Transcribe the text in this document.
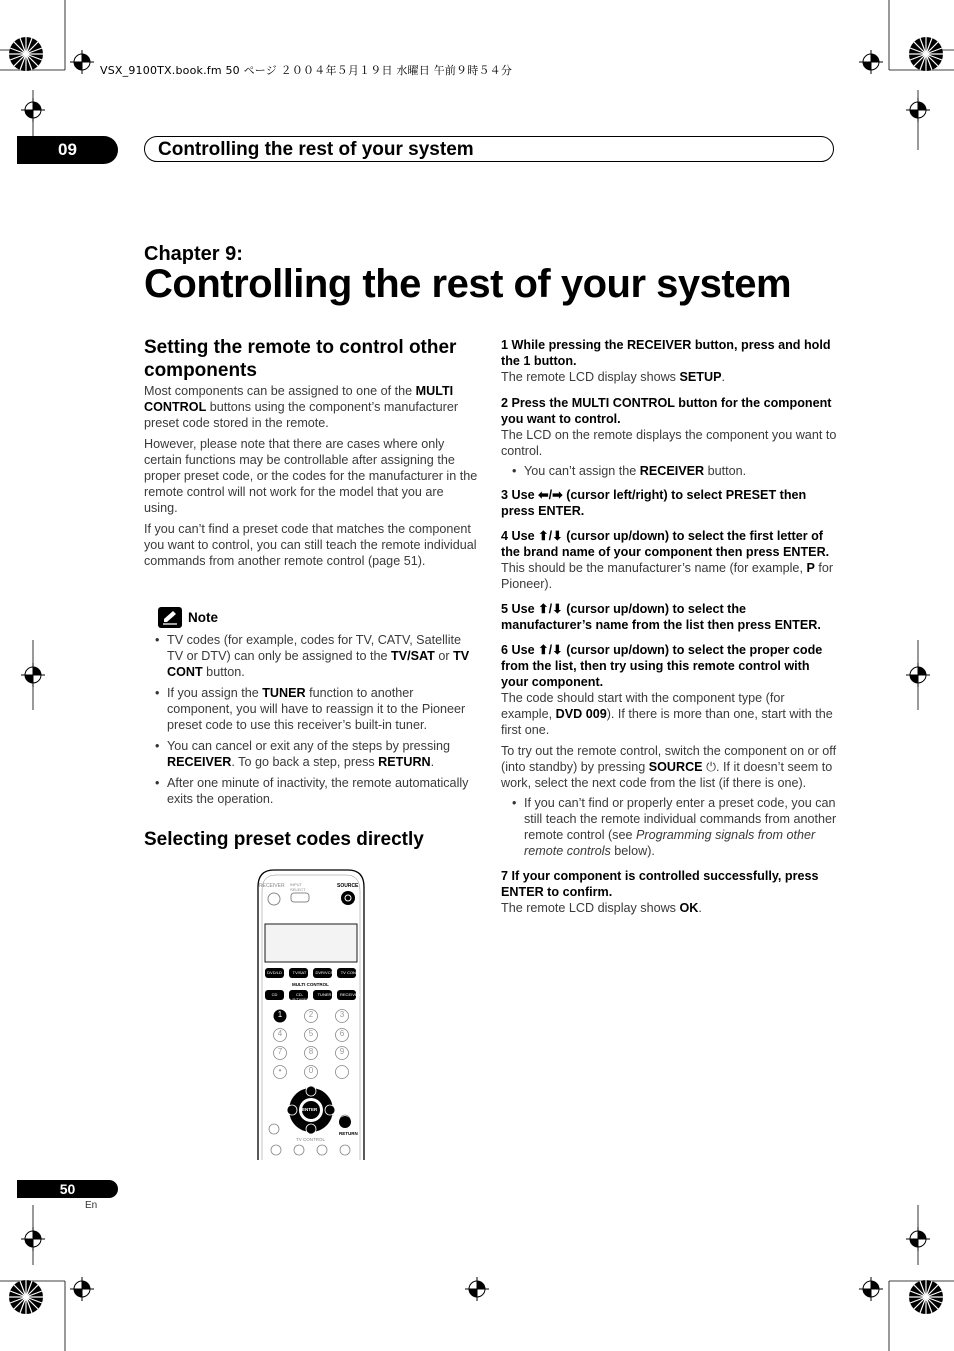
VSX_9100TX.book.fm 50 ページ ２００４年５月１９日 水曜日 午前９時５４分
09	Controlling the rest of your system
Chapter 9:
Controlling the rest of your system
Setting the remote to control other components
Most components can be assigned to one of the MULTI CONTROL buttons using the component’s manufacturer preset code stored in the remote.
However, please note that there are cases where only certain functions may be controllable after assigning the proper preset code, or the codes for the manufacturer in the remote control will not work for the model that you are using.
If you can’t find a preset code that matches the component you want to control, you can still teach the remote individual commands from another remote control (page 51).
Note
• TV codes (for example, codes for TV, CATV, Satellite TV or DTV) can only be assigned to the TV/SAT or TV CONT button.
• If you assign the TUNER function to another component, you will have to reassign it to the Pioneer preset code to use this receiver’s built-in tuner.
• You can cancel or exit any of the steps by pressing RECEIVER. To go back a step, press RETURN.
• After one minute of inactivity, the remote automatically exits the operation.
Selecting preset codes directly
RECEIVER INPUT SELECT
SOURCE
DVD/LD	TV/SAT	DVR/VCR TV CONT
MULTI CONTROL
CD	CD-R/TAPE
TUNER	RECEIVER
1	2	3
4	5	6
7	8	9
•	0
ENTER
RETURN
TV CONTROL
1 While pressing the RECEIVER button, press and hold the 1 button.
The remote LCD display shows SETUP.
2 Press the MULTI CONTROL button for the component you want to control.
The LCD on the remote displays the component you want to control.
• You can’t assign the RECEIVER button.
3 Use ⬅/➡ (cursor left/right) to select PRESET then press ENTER.
4 Use ⬆/⬇ (cursor up/down) to select the first letter of the brand name of your component then press ENTER.
This should be the manufacturer’s name (for example, P for Pioneer).
5 Use ⬆/⬇ (cursor up/down) to select the manufacturer’s name from the list then press ENTER.
6 Use ⬆/⬇ (cursor up/down) to select the proper code from the list, then try using this remote control with your component.
The code should start with the component type (for example, DVD 009). If there is more than one, start with the first one.
To try out the remote control, switch the component on or off (into standby) by pressing SOURCE ⏻. If it doesn’t seem to work, select the next code from the list (if there is one).
• If you can’t find or properly enter a preset code, you can still teach the remote individual commands from another remote control (see Programming signals from other remote controls below).
7 If your component is controlled successfully, press ENTER to confirm.
The remote LCD display shows OK.
50
En
